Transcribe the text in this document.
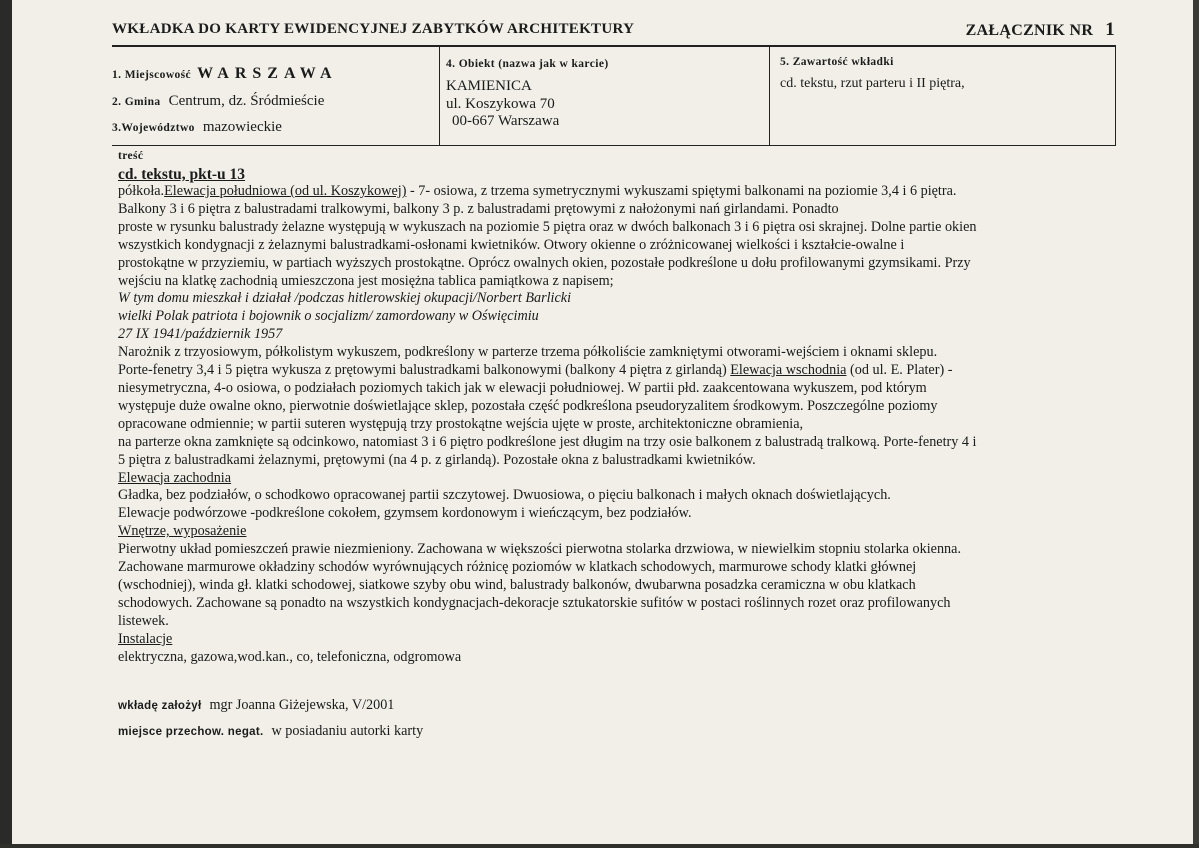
WKŁADKA DO KARTY EWIDENCYJNEJ ZABYTKÓW ARCHITEKTURY	ZAŁĄCZNIK NR 1
1. Miejscowość WARSZAWA
2. Gmina Centrum, dz. Śródmieście
3.Województwo mazowieckie
4. Obiekt (nazwa jak w karcie)
KAMIENICA
ul. Koszykowa 70
00-667 Warszawa
5. Zawartość wkładki
cd. tekstu, rzut parteru i II piętra,
treść
cd. tekstu, pkt-u 13
półkoła.Elewacja południowa (od ul. Koszykowej) - 7- osiowa, z trzema symetrycznymi wykuszami spiętymi balkonami na poziomie 3,4 i 6 piętra.
Balkony 3 i 6 piętra z balustradami tralkowymi, balkony 3 p. z balustradami prętowymi z nałożonymi nań girlandami. Ponadto
proste w rysunku balustrady żelazne występują w wykuszach na poziomie 5 piętra oraz w dwóch balkonach 3 i 6 piętra osi skrajnej. Dolne partie okien
wszystkich kondygnacji z żelaznymi balustradkami-osłonami kwietników. Otwory okienne o zróżnicowanej wielkości i kształcie-owalne i
prostokątne w przyziemiu, w partiach wyższych prostokątne. Oprócz owalnych okien, pozostałe podkreślone u dołu profilowanymi gzymsikami. Przy
wejściu na klatkę zachodnią umieszczona jest mosiężna tablica pamiątkowa z napisem;
W tym domu mieszkał i działał /podczas hitlerowskiej okupacji/Norbert Barlicki
wielki Polak patriota i bojownik o socjalizm/ zamordowany w Oświęcimiu
27 IX 1941/październik 1957
Narożnik z trzyosiowym, półkolistym wykuszem, podkreślony w parterze trzema półkoliście zamkniętymi otworami-wejściem i oknami sklepu.
Porte-fenetry 3,4 i 5 piętra wykusza z prętowymi balustradkami balkonowymi (balkony 4 piętra z girlandą) Elewacja wschodnia (od ul. E. Plater) -
niesymetryczna, 4-o osiowa, o podziałach poziomych takich jak w elewacji południowej. W partii płd. zaakcentowana wykuszem, pod którym
występuje duże owalne okno, pierwotnie doświetlające sklep, pozostała część podkreślona pseudoryzalitem środkowym. Poszczególne poziomy
opracowane odmiennie; w partii suteren występują trzy prostokątne wejścia ujęte w proste, architektoniczne obramienia,
na parterze okna zamknięte są odcinkowo, natomiast 3 i 6 piętro podkreślone jest długim na trzy osie balkonem z balustradą tralkową. Porte-fenetry 4 i
5 piętra z balustradkami żelaznymi, prętowymi (na 4 p. z girlandą). Pozostałe okna z balustradkami kwietników.
Elewacja zachodnia
Gładka, bez podziałów, o schodkowo opracowanej partii szczytowej. Dwuosiowa, o pięciu balkonach i małych oknach doświetlających.
Elewacje podwórzowe -podkreślone cokołem, gzymsem kordonowym i wieńczącym, bez podziałów.
Wnętrze, wyposażenie
Pierwotny układ pomieszczeń prawie niezmieniony. Zachowana w większości pierwotna stolarka drzwiowa, w niewielkim stopniu stolarka okienna.
Zachowane marmurowe okładziny schodów wyrównujących różnicę poziomów w klatkach schodowych, marmurowe schody klatki głównej
(wschodniej), winda gł. klatki schodowej, siatkowe szyby obu wind, balustrady balkonów, dwubarwna posadzka ceramiczna w obu klatkach
schodowych. Zachowane są ponadto na wszystkich kondygnacjach-dekoracje sztukatorskie sufitów w postaci roślinnych rozet oraz profilowanych
listewek.
Instalacje
elektryczna, gazowa,wod.kan., co, telefoniczna, odgromowa
wkładę założył mgr Joanna Giżejewska, V/2001
miejsce przechow. negat. w posiadaniu autorki karty
